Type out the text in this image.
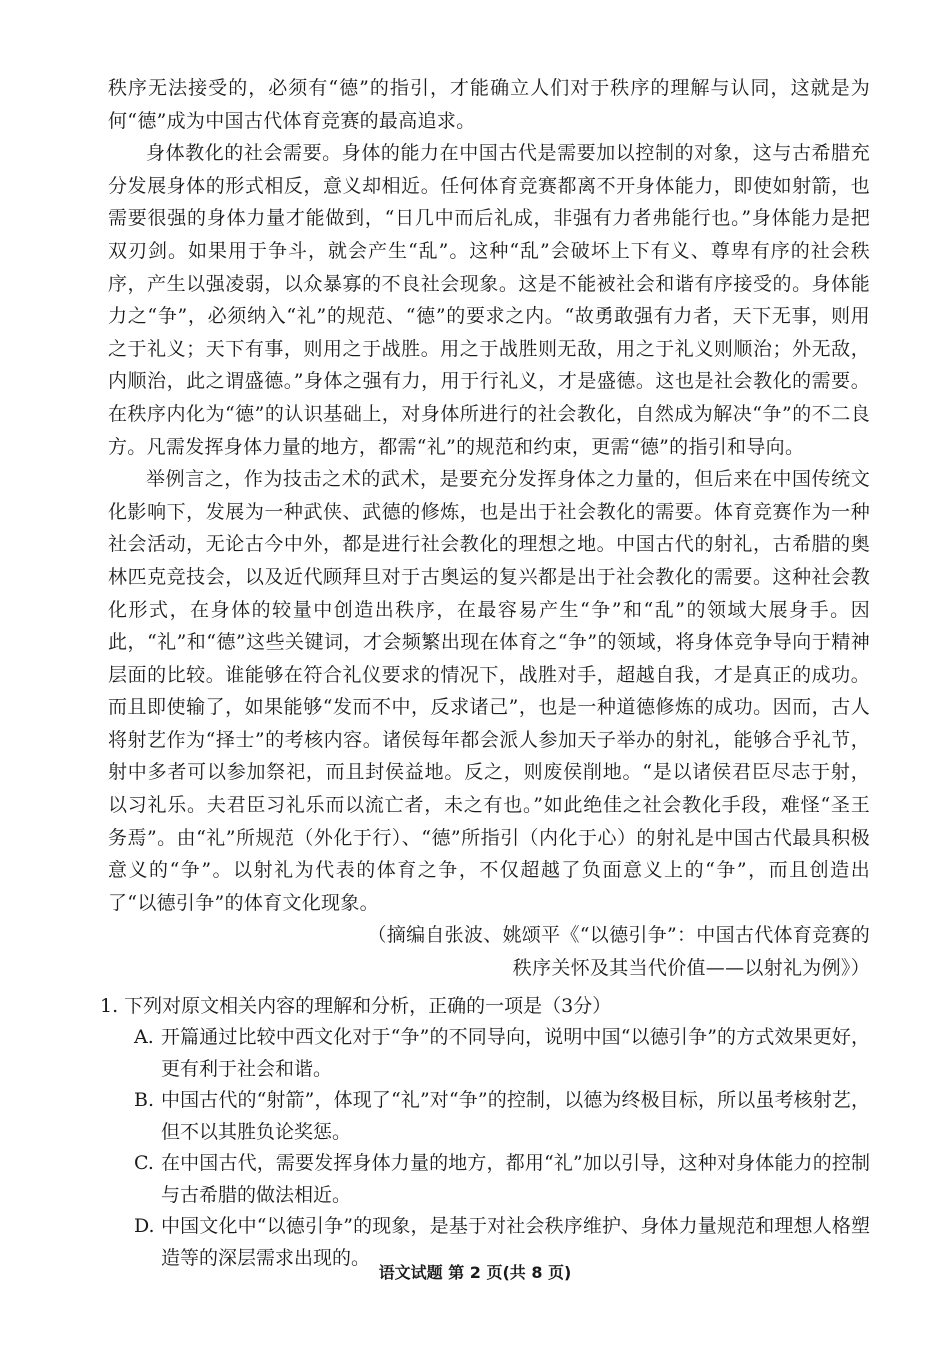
秩序无法接受的，必须有“德”的指引，才能确立人们对于秩序的理解与认同，这就是为何“德”成为中国古代体育竞赛的最高追求。

身体教化的社会需要。身体的能力在中国古代是需要加以控制的对象，这与古希腊充分发展身体的形式相反，意义却相近。任何体育竞赛都离不开身体能力，即使如射箭，也需要很强的身体力量才能做到，“日几中而后礼成，非强有力者弗能行也。”身体能力是把双刃剑。如果用于争斗，就会产生“乱”。这种“乱”会破坏上下有义、尊卑有序的社会秩序，产生以强凌弱，以众暴寡的不良社会现象。这是不能被社会和谐有序接受的。身体能力之“争”，必须纳入“礼”的规范、“德”的要求之内。“故勇敢强有力者，天下无事，则用之于礼义；天下有事，则用之于战胜。用之于战胜则无敌，用之于礼义则顺治；外无敌，内顺治，此之谓盛德。”身体之强有力，用于行礼义，才是盛德。这也是社会教化的需要。在秩序内化为“德”的认识基础上，对身体所进行的社会教化，自然成为解决“争”的不二良方。凡需发挥身体力量的地方，都需“礼”的规范和约束，更需“德”的指引和导向。

举例言之，作为技击之术的武术，是要充分发挥身体之力量的，但后来在中国传统文化影响下，发展为一种武侠、武德的修炼，也是出于社会教化的需要。体育竞赛作为一种社会活动，无论古今中外，都是进行社会教化的理想之地。中国古代的射礼，古希腊的奥林匹克竞技会，以及近代顾拜旦对于古奥运的复兴都是出于社会教化的需要。这种社会教化形式，在身体的较量中创造出秩序，在最容易产生“争”和“乱”的领域大展身手。因此，“礼”和“德”这些关键词，才会频繁出现在体育之“争”的领域，将身体竞争导向于精神层面的比较。谁能够在符合礼仪要求的情况下，战胜对手，超越自我，才是真正的成功。而且即使输了，如果能够“发而不中，反求诸己”，也是一种道德修炼的成功。因而，古人将射艺作为“择士”的考核内容。诸侯每年都会派人参加天子举办的射礼，能够合乎礼节，射中多者可以参加祭祀，而且封侯益地。反之，则废侯削地。“是以诸侯君臣尽志于射，以习礼乐。夫君臣习礼乐而以流亡者，未之有也。”如此绝佳之社会教化手段，难怪“圣王务焉”。由“礼”所规范（外化于行）、“德”所指引（内化于心）的射礼是中国古代最具积极意义的“争”。以射礼为代表的体育之争，不仅超越了负面意义上的“争”，而且创造出了“以德引争”的体育文化现象。

（摘编自张波、姚颂平《“以德引争”：中国古代体育竞赛的

秩序关怀及其当代价值——以射礼为例》）

1. 下列对原文相关内容的理解和分析，正确的一项是（3分）
A. 开篇通过比较中西文化对于“争”的不同导向，说明中国“以德引争”的方式效果更好，更有利于社会和谐。
B. 中国古代的“射箭”，体现了“礼”对“争”的控制，以德为终极目标，所以虽考核射艺，但不以其胜负论奖惩。
C. 在中国古代，需要发挥身体力量的地方，都用“礼”加以引导，这种对身体能力的控制与古希腊的做法相近。
D. 中国文化中“以德引争”的现象，是基于对社会秩序维护、身体力量规范和理想人格塑造等的深层需求出现的。
语文试题 第 2 页(共 8 页)
